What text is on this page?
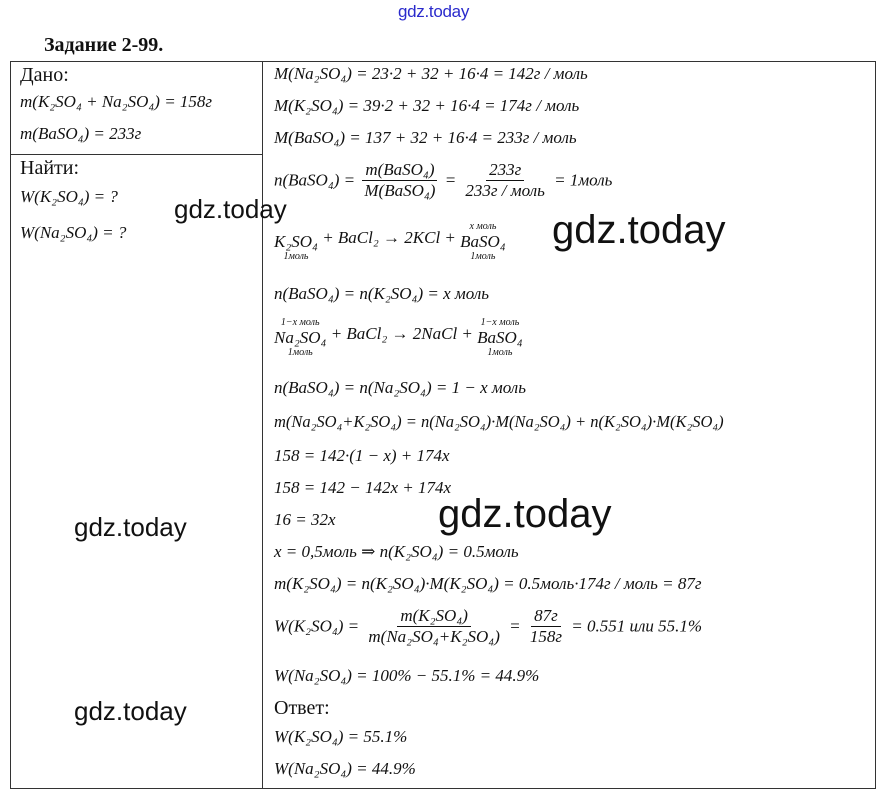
gdz.today
Задание 2-99.
Дано:
m(K₂SO₄ + Na₂SO₄) = 158г
m(BaSO₄) = 233г
Найти:
W(K₂SO₄) = ?
W(Na₂SO₄) = ?
M(Na₂SO₄) = 23·2 + 32 + 16·4 = 142г / моль
M(K₂SO₄) = 39·2 + 32 + 16·4 = 174г / моль
M(BaSO₄) = 137 + 32 + 16·4 = 233г / моль
n(BaSO₄) = $\frac{\text{m(BaSO₄)}}{\text{M(BaSO₄)}} = \frac{233г}{\text{233г / моль}}$ = 1моль
K₂SO₄
1моль
+ BaCl₂ → 2KCl +
x моль
BaSO₄
1моль
n(BaSO₄) = n(K₂SO₄) = x моль
1−x моль
Na₂SO₄
1моль
+ BaCl₂ → 2NaCl +
1−x моль
BaSO₄
1моль
n(BaSO₄) = n(Na₂SO₄) = 1 − x моль
m(Na₂SO₄+K₂SO₄) = n(Na₂SO₄)·M(Na₂SO₄) + n(K₂SO₄)·M(K₂SO₄)
158 = 142·(1 − x) + 174x
158 = 142 − 142x + 174x
16 = 32x
x = 0,5моль ⇒ n(K₂SO₄) = 0.5моль
m(K₂SO₄) = n(K₂SO₄)·M(K₂SO₄) = 0.5моль·174г / моль = 87г
$W(K_2SO_4) = \frac{\text{m(K₂SO₄)}}{\text{m(Na₂SO₄+K₂SO₄)}} = \frac{87г}{158г} = 0.551$ или 55.1%
W(Na₂SO₄) = 100% − 55.1% = 44.9%
Ответ:
W(K₂SO₄) = 55.1%
W(Na₂SO₄) = 44.9%
gdz.today	gdz.today
gdz.today	gdz.today
gdz.today
